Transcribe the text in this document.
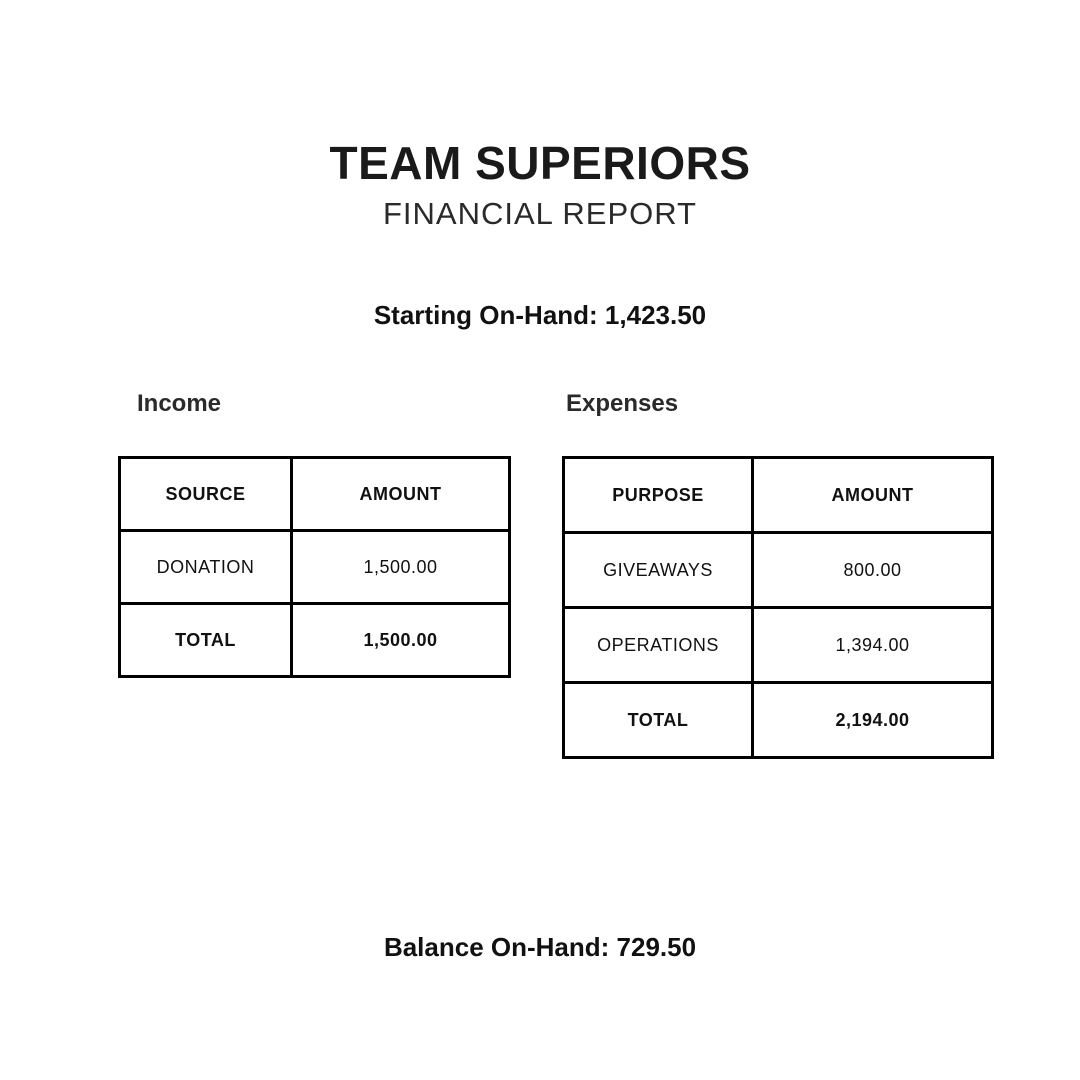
TEAM SUPERIORS
FINANCIAL REPORT
Starting On-Hand: 1,423.50
Income	Expenses
SOURCE	AMOUNT
DONATION	1,500.00
TOTAL	1,500.00
PURPOSE	AMOUNT
GIVEAWAYS	800.00
OPERATIONS	1,394.00
TOTAL	2,194.00
Balance On-Hand: 729.50
